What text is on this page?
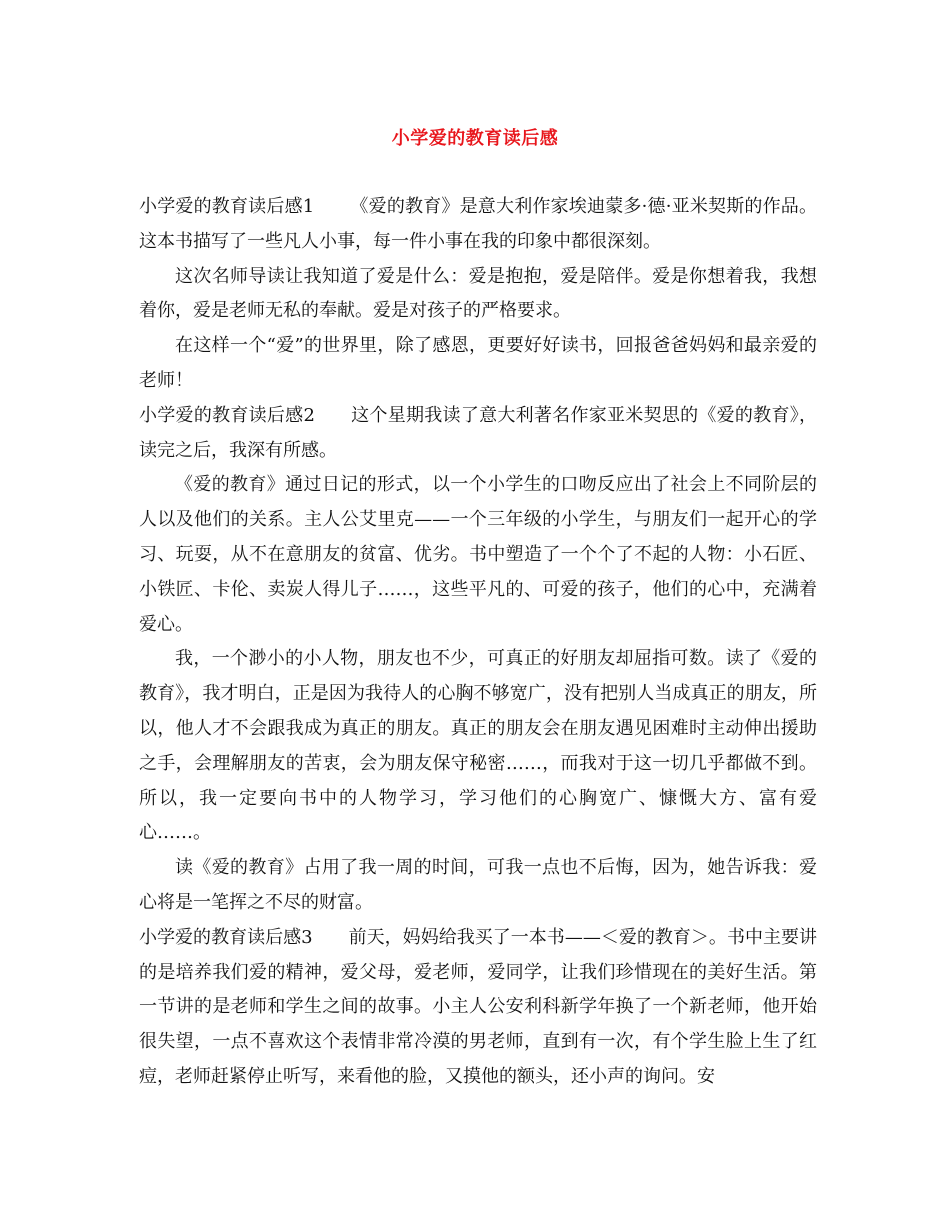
小学爱的教育读后感

小学爱的教育读后感1 《爱的教育》是意大利作家埃迪蒙多·德·亚米契斯的作品。这本书描写了一些凡人小事，每一件小事在我的印象中都很深刻。

这次名师导读让我知道了爱是什么：爱是抱抱，爱是陪伴。爱是你想着我，我想着你，爱是老师无私的奉献。爱是对孩子的严格要求。

在这样一个“爱”的世界里，除了感恩，更要好好读书，回报爸爸妈妈和最亲爱的老师！

小学爱的教育读后感2 这个星期我读了意大利著名作家亚米契思的《爱的教育》，读完之后，我深有所感。

《爱的教育》通过日记的形式，以一个小学生的口吻反应出了社会上不同阶层的人以及他们的关系。主人公艾里克——一个三年级的小学生，与朋友们一起开心的学习、玩耍，从不在意朋友的贫富、优劣。书中塑造了一个个了不起的人物：小石匠、小铁匠、卡伦、卖炭人得儿子……，这些平凡的、可爱的孩子，他们的心中，充满着爱心。

我，一个渺小的小人物，朋友也不少，可真正的好朋友却屈指可数。读了《爱的教育》，我才明白，正是因为我待人的心胸不够宽广，没有把别人当成真正的朋友，所以，他人才不会跟我成为真正的朋友。真正的朋友会在朋友遇见困难时主动伸出援助之手，会理解朋友的苦衷，会为朋友保守秘密……，而我对于这一切几乎都做不到。所以，我一定要向书中的人物学习，学习他们的心胸宽广、慷慨大方、富有爱心……。

读《爱的教育》占用了我一周的时间，可我一点也不后悔，因为，她告诉我：爱心将是一笔挥之不尽的财富。

小学爱的教育读后感3 前天，妈妈给我买了一本书——＜爱的教育＞。书中主要讲的是培养我们爱的精神，爱父母，爱老师，爱同学，让我们珍惜现在的美好生活。第一节讲的是老师和学生之间的故事。小主人公安利科新学年换了一个新老师，他开始很失望，一点不喜欢这个表情非常冷漠的男老师，直到有一次，有个学生脸上生了红痘，老师赶紧停止听写，来看他的脸，又摸他的额头，还小声的询问。安
